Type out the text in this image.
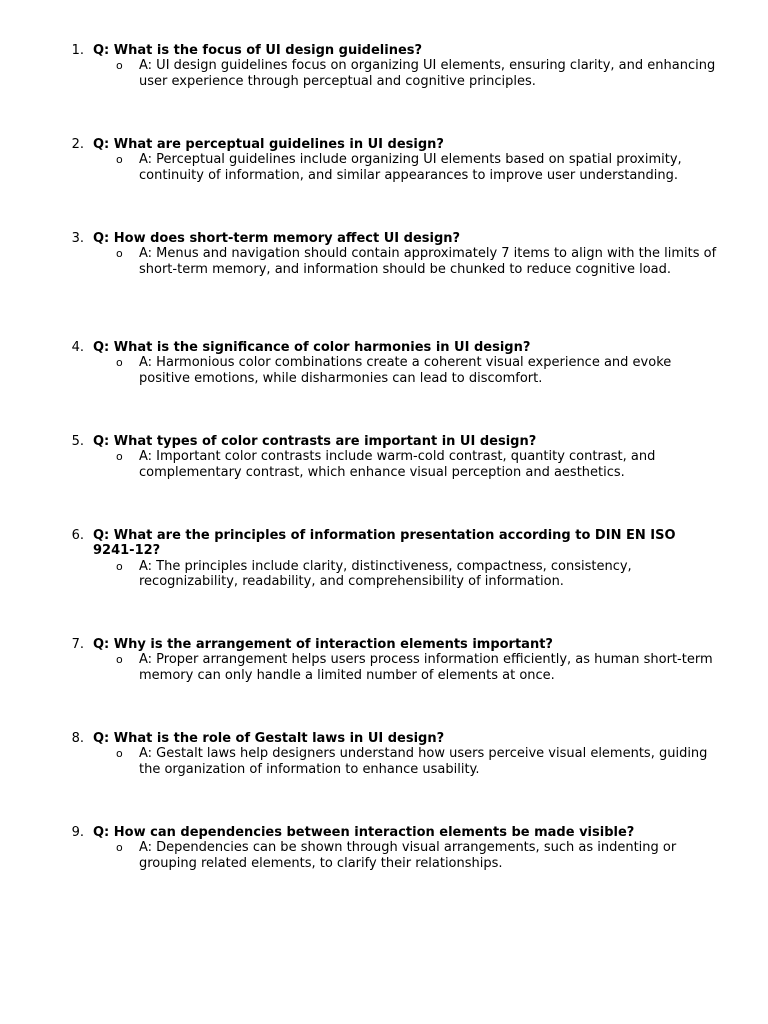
1. Q: What is the focus of UI design guidelines?
o A: UI design guidelines focus on organizing UI elements, ensuring clarity, and enhancing user experience through perceptual and cognitive principles.
2. Q: What are perceptual guidelines in UI design?
o A: Perceptual guidelines include organizing UI elements based on spatial proximity, continuity of information, and similar appearances to improve user understanding.
3. Q: How does short-term memory affect UI design?
o A: Menus and navigation should contain approximately 7 items to align with the limits of short-term memory, and information should be chunked to reduce cognitive load.
4. Q: What is the significance of color harmonies in UI design?
o A: Harmonious color combinations create a coherent visual experience and evoke positive emotions, while disharmonies can lead to discomfort.
5. Q: What types of color contrasts are important in UI design?
o A: Important color contrasts include warm-cold contrast, quantity contrast, and complementary contrast, which enhance visual perception and aesthetics.
6. Q: What are the principles of information presentation according to DIN EN ISO 9241-12?
o A: The principles include clarity, distinctiveness, compactness, consistency, recognizability, readability, and comprehensibility of information.
7. Q: Why is the arrangement of interaction elements important?
o A: Proper arrangement helps users process information efficiently, as human short-term memory can only handle a limited number of elements at once.
8. Q: What is the role of Gestalt laws in UI design?
o A: Gestalt laws help designers understand how users perceive visual elements, guiding the organization of information to enhance usability.
9. Q: How can dependencies between interaction elements be made visible?
o A: Dependencies can be shown through visual arrangements, such as indenting or grouping related elements, to clarify their relationships.
